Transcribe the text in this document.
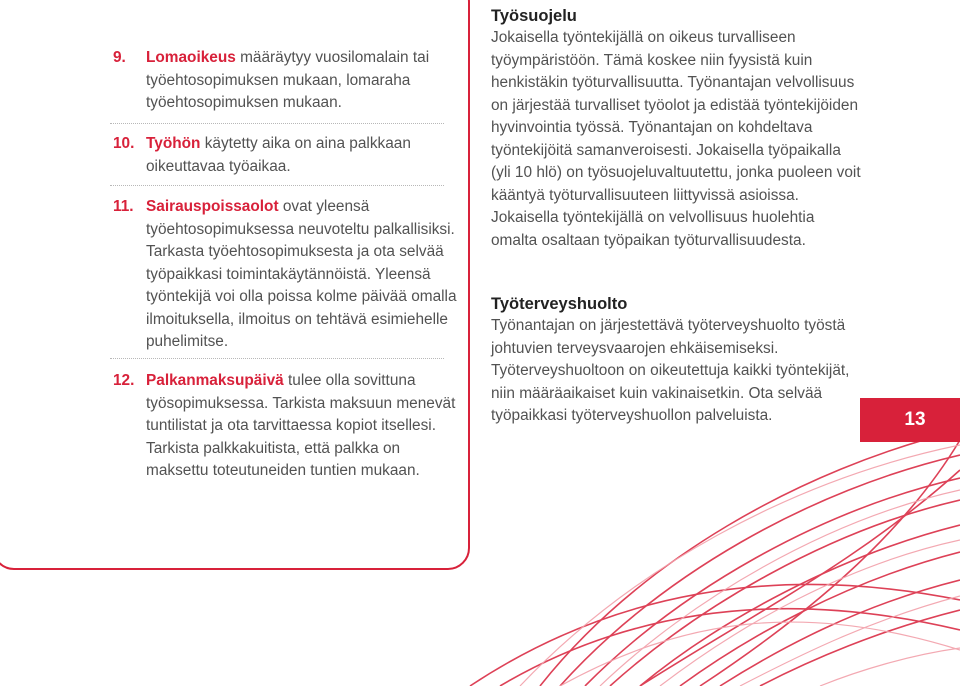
9.	Lomaoikeus määräytyy vuosilomalain tai työehtosopimuksen mukaan, lomaraha työehtosopimuksen mukaan.

10. Työhön käytetty aika on aina palkkaan oikeuttavaa työaikaa.

11. Sairauspoissaolot ovat yleensä työehtosopimuksessa neuvoteltu palkallisiksi. Tarkasta työehtosopimuksesta ja ota selvää työpaikkasi toimintakäytännöistä. Yleensä työntekijä voi olla poissa kolme päivää omalla ilmoituksella, ilmoitus on tehtävä esimiehelle puhelimitse.

12. Palkanmaksupäivä tulee olla sovittuna työsopimuksessa. Tarkista maksuun menevät tuntilistat ja ota tarvittaessa kopiot itsellesi. Tarkista palkkakuitista, että palkka on maksettu toteutuneiden tuntien mukaan.

Työsuojelu

Jokaisella työntekijällä on oikeus turvalliseen työympäristöön. Tämä koskee niin fyysistä kuin henkistäkin työturvallisuutta. Työnantajan velvollisuus on järjestää turvalliset työolot ja edistää työntekijöiden hyvinvointia työssä. Työnantajan on kohdeltava työntekijöitä samanveroisesti. Jokaisella työpaikalla (yli 10 hlö) on työsuojeluvaltuutettu, jonka puoleen voit kääntyä työturvallisuuteen liittyvissä asioissa. Jokaisella työntekijällä on velvollisuus huolehtia omalta osaltaan työpaikan työturvallisuudesta.

Työterveyshuolto

Työnantajan on järjestettävä työterveyshuolto työstä johtuvien terveysvaarojen ehkäisemiseksi. Työterveyshuoltoon on oikeutettuja kaikki työntekijät, niin määräaikaiset kuin vakinaisetkin. Ota selvää työpaikkasi työterveyshuollon palveluista.	13
